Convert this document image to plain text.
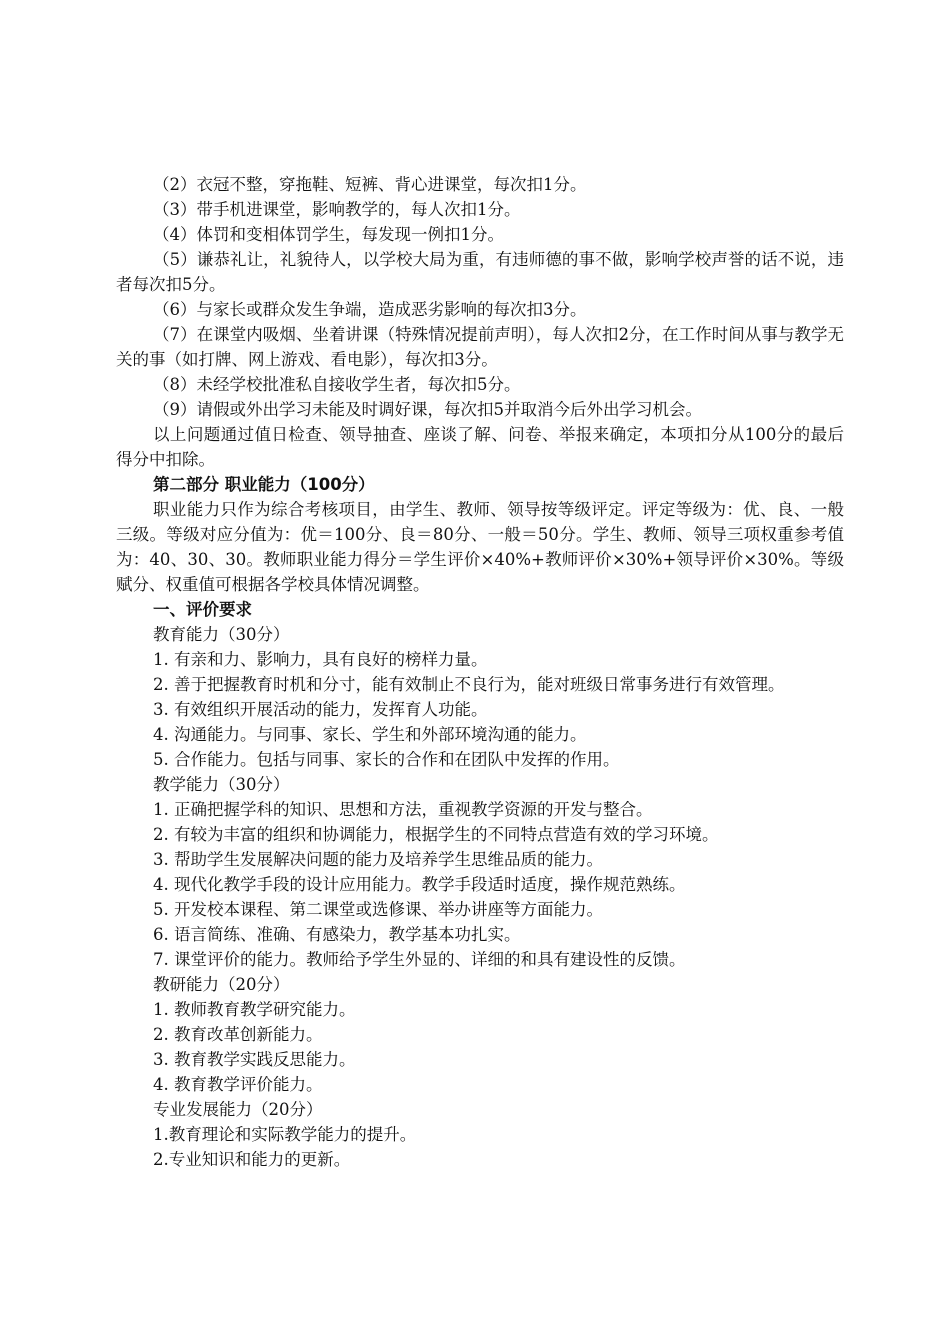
（2）衣冠不整，穿拖鞋、短裤、背心进课堂，每次扣1分。

（3）带手机进课堂，影响教学的，每人次扣1分。

（4）体罚和变相体罚学生，每发现一例扣1分。

（5）谦恭礼让，礼貌待人，以学校大局为重，有违师德的事不做，影响学校声誉的话不说，违者每次扣5分。

（6）与家长或群众发生争端，造成恶劣影响的每次扣3分。

（7）在课堂内吸烟、坐着讲课（特殊情况提前声明），每人次扣2分，在工作时间从事与教学无关的事（如打牌、网上游戏、看电影），每次扣3分。

（8）未经学校批准私自接收学生者，每次扣5分。

（9）请假或外出学习未能及时调好课，每次扣5并取消今后外出学习机会。

以上问题通过值日检查、领导抽查、座谈了解、问卷、举报来确定，本项扣分从100分的最后得分中扣除。

第二部分 职业能力（100分）

职业能力只作为综合考核项目，由学生、教师、领导按等级评定。评定等级为：优、良、一般三级。等级对应分值为：优＝100分、良＝80分、一般＝50分。学生、教师、领导三项权重参考值为：40、30、30。教师职业能力得分＝学生评价×40%+教师评价×30%+领导评价×30%。等级赋分、权重值可根据各学校具体情况调整。

一、评价要求

教育能力（30分）

1. 有亲和力、影响力，具有良好的榜样力量。

2. 善于把握教育时机和分寸，能有效制止不良行为，能对班级日常事务进行有效管理。

3. 有效组织开展活动的能力，发挥育人功能。

4. 沟通能力。与同事、家长、学生和外部环境沟通的能力。

5. 合作能力。包括与同事、家长的合作和在团队中发挥的作用。

教学能力（30分）

1. 正确把握学科的知识、思想和方法，重视教学资源的开发与整合。

2. 有较为丰富的组织和协调能力，根据学生的不同特点营造有效的学习环境。

3. 帮助学生发展解决问题的能力及培养学生思维品质的能力。

4. 现代化教学手段的设计应用能力。教学手段适时适度，操作规范熟练。

5. 开发校本课程、第二课堂或选修课、举办讲座等方面能力。

6. 语言简练、准确、有感染力，教学基本功扎实。

7. 课堂评价的能力。教师给予学生外显的、详细的和具有建设性的反馈。

教研能力（20分）

1. 教师教育教学研究能力。

2. 教育改革创新能力。

3. 教育教学实践反思能力。

4. 教育教学评价能力。

专业发展能力（20分）

1.教育理论和实际教学能力的提升。

2.专业知识和能力的更新。
